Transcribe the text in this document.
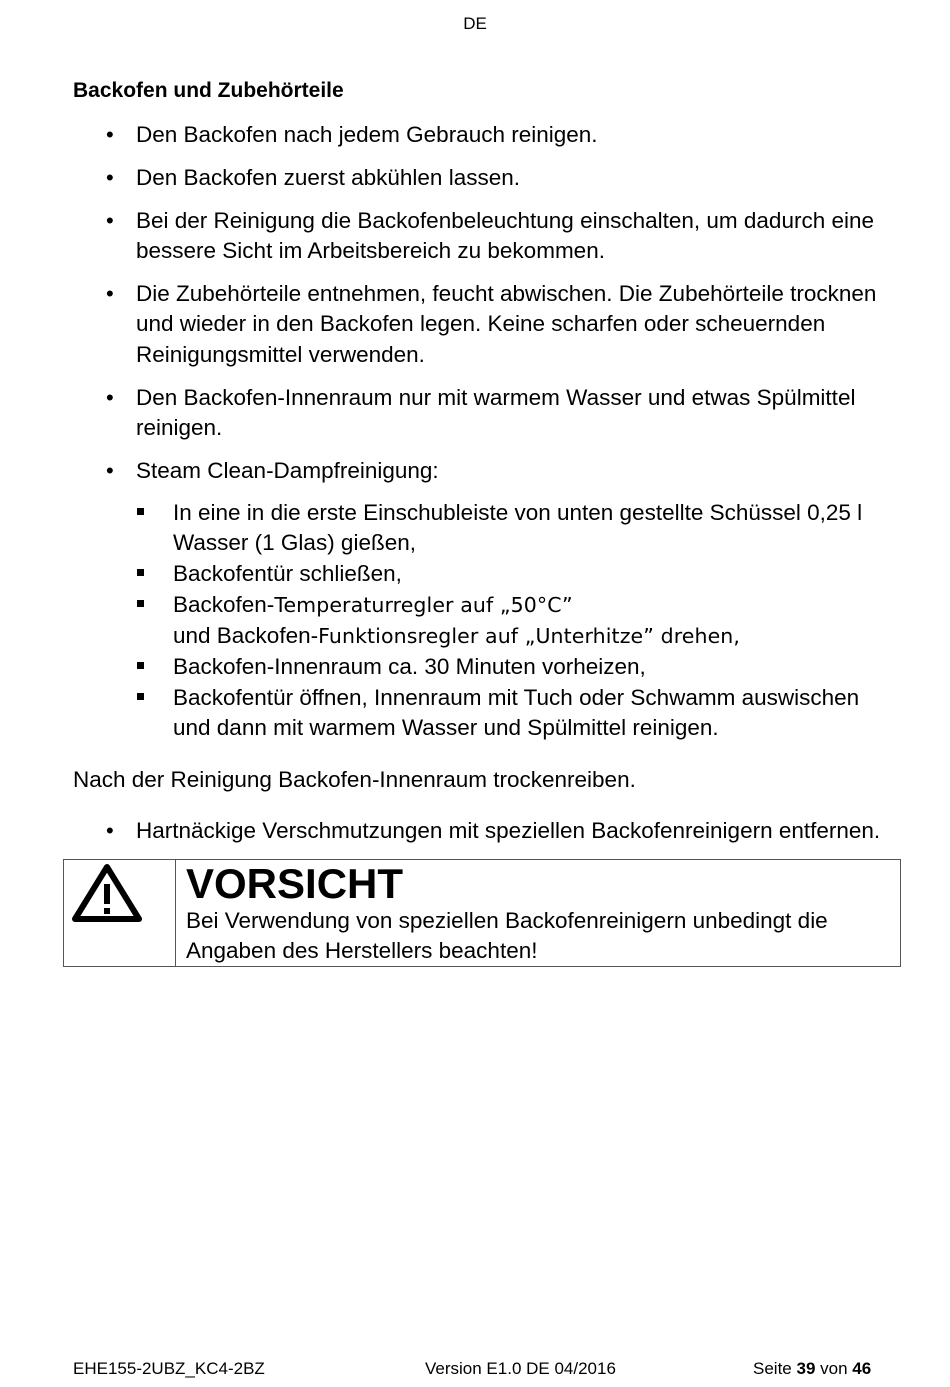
DE
Backofen und Zubehörteile
• Den Backofen nach jedem Gebrauch reinigen.
• Den Backofen zuerst abkühlen lassen.
• Bei der Reinigung die Backofenbeleuchtung einschalten, um dadurch eine
bessere Sicht im Arbeitsbereich zu bekommen.
• Die Zubehörteile entnehmen, feucht abwischen. Die Zubehörteile trocknen
und wieder in den Backofen legen. Keine scharfen oder scheuernden
Reinigungsmittel verwenden.
• Den Backofen-Innenraum nur mit warmem Wasser und etwas Spülmittel
reinigen.
• Steam Clean-Dampfreinigung:
In eine in die erste Einschubleiste von unten gestellte Schüssel 0,25 l
Wasser (1 Glas) gießen,
Backofentür schließen,
Backofen-Temperaturregler auf „50°C”
und Backofen-Funktionsregler auf „Unterhitze” drehen,
Backofen-Innenraum ca. 30 Minuten vorheizen,
Backofentür öffnen, Innenraum mit Tuch oder Schwamm auswischen
und dann mit warmem Wasser und Spülmittel reinigen.
Nach der Reinigung Backofen-Innenraum trockenreiben.
• Hartnäckige Verschmutzungen mit speziellen Backofenreinigern entfernen.
VORSICHT
Bei Verwendung von speziellen Backofenreinigern unbedingt die
Angaben des Herstellers beachten!
EHE155-2UBZ_KC4-2BZ	Version E1.0 DE 04/2016	Seite 39 von 46
